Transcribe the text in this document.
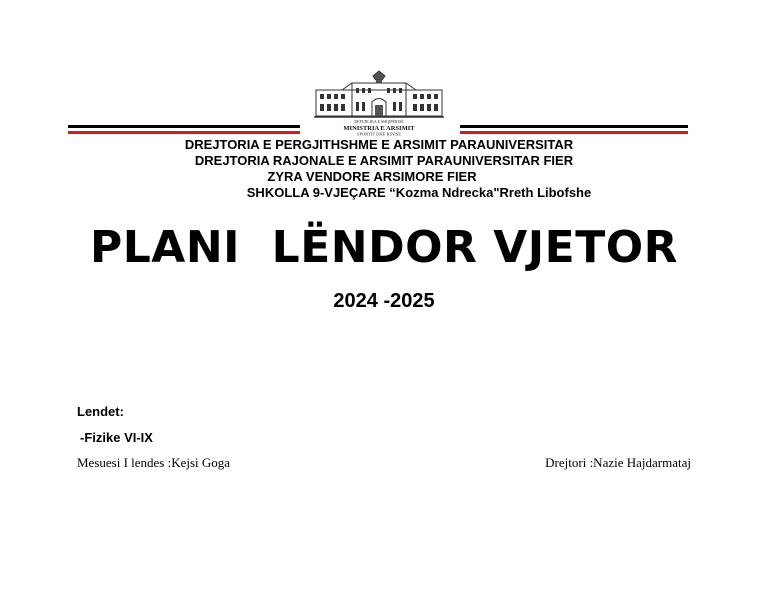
REPUBLIKA E SHQIPËRISË
MINISTRIA E ARSIMIT
SPORTIT DHE RINISE
DREJTORIA E PERGJITHSHME E ARSIMIT PARAUNIVERSITAR
DREJTORIA RAJONALE E ARSIMIT PARAUNIVERSITAR FIER
ZYRA VENDORE ARSIMORE FIER
SHKOLLA 9-VJEÇARE “Kozma Ndrecka"Rreth Libofshe
PLANI  LËNDOR VJETOR
2024 -2025
Lendet:
-Fizike VI-IX
Mesuesi I lendes :Kejsi Goga	Drejtori :Nazie Hajdarmataj
